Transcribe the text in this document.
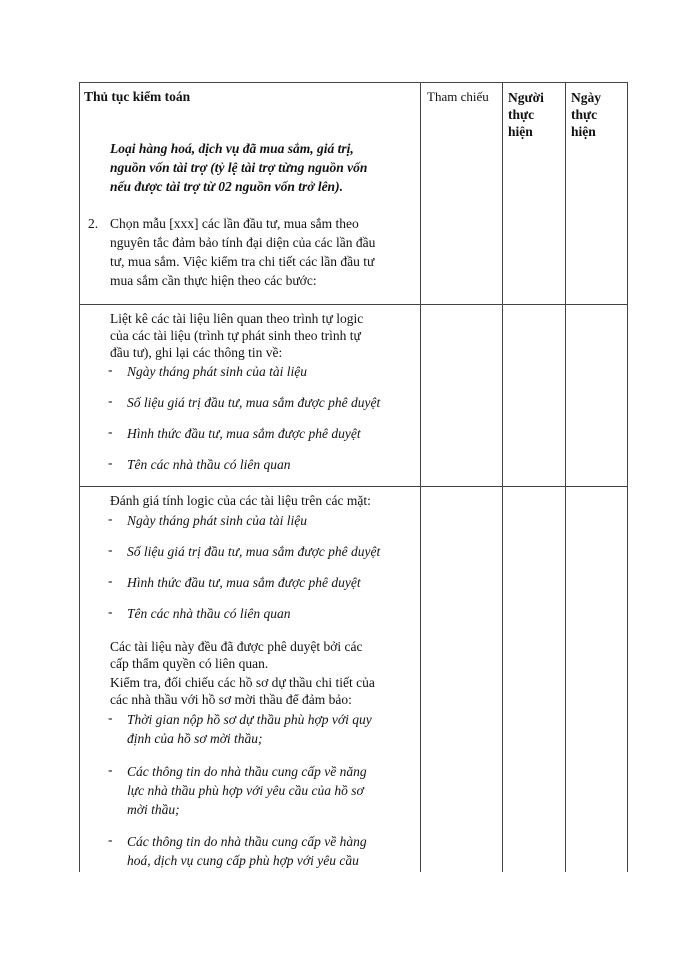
Thủ tục kiểm toán	Tham chiếu Người
thực
hiện
Ngày
thực
hiện
Loại hàng hoá, dịch vụ đã mua sắm, giá trị,
nguồn vốn tài trợ (tỷ lệ tài trợ từng nguồn vốn
nếu được tài trợ từ 02 nguồn vốn trở lên).
2. Chọn mẫu [xxx] các lần đầu tư, mua sắm theo
nguyên tắc đảm bảo tính đại diện của các lần đầu
tư, mua sắm. Việc kiểm tra chi tiết các lần đầu tư
mua sắm cần thực hiện theo các bước:
Liệt kê các tài liệu liên quan theo trình tự logic
của các tài liệu (trình tự phát sinh theo trình tự
đầu tư), ghi lại các thông tin về:
- Ngày tháng phát sinh của tài liệu
- Số liệu giá trị đầu tư, mua sắm được phê duyệt
- Hình thức đầu tư, mua sắm được phê duyệt
- Tên các nhà thầu có liên quan
Đánh giá tính logic của các tài liệu trên các mặt:
- Ngày tháng phát sinh của tài liệu
- Số liệu giá trị đầu tư, mua sắm được phê duyệt
- Hình thức đầu tư, mua sắm được phê duyệt
- Tên các nhà thầu có liên quan
Các tài liệu này đều đã được phê duyệt bởi các
cấp thẩm quyền có liên quan.
Kiểm tra, đối chiếu các hồ sơ dự thầu chi tiết của
các nhà thầu với hồ sơ mời thầu để đảm bảo:
- Thời gian nộp hồ sơ dự thầu phù hợp với quy
định của hồ sơ mời thầu;
- Các thông tin do nhà thầu cung cấp về năng
lực nhà thầu phù hợp với yêu cầu của hồ sơ
mời thầu;
- Các thông tin do nhà thầu cung cấp về hàng
hoá, dịch vụ cung cấp phù hợp với yêu cầu
